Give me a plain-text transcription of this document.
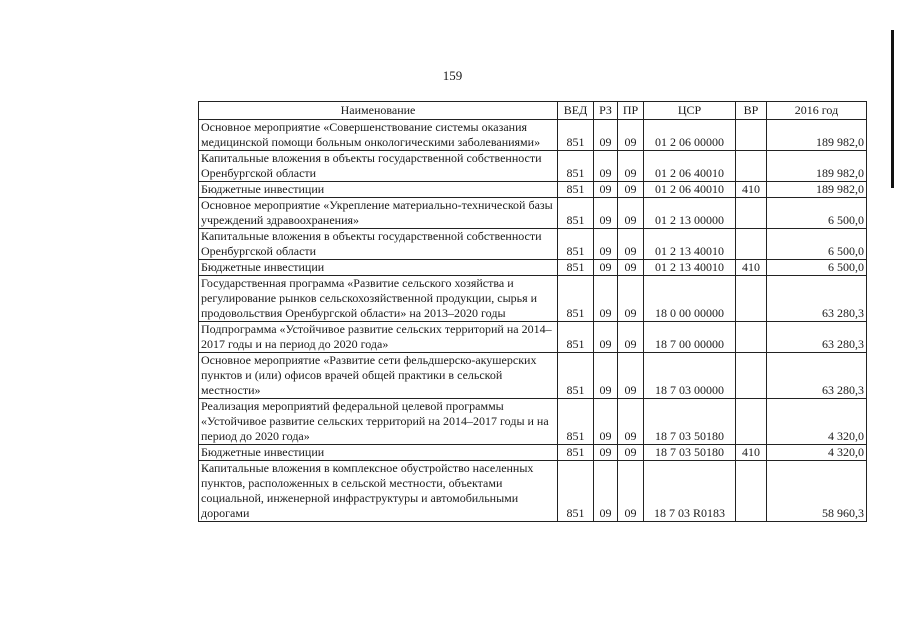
159
Наименование	ВЕД	РЗ	ПР	ЦСР	ВР	2016 год
Основное мероприятие «Совершенствование системы оказания медицинской помощи больным онкологическими заболеваниями»	851	09	09	01 2 06 00000		189 982,0
Капитальные вложения в объекты государственной собственности Оренбургской области	851	09	09	01 2 06 40010		189 982,0
Бюджетные инвестиции	851	09	09	01 2 06 40010	410	189 982,0
Основное мероприятие «Укрепление материально-технической базы учреждений здравоохранения»	851	09	09	01 2 13 00000		6 500,0
Капитальные вложения в объекты государственной собственности Оренбургской области	851	09	09	01 2 13 40010		6 500,0
Бюджетные инвестиции	851	09	09	01 2 13 40010	410	6 500,0
Государственная программа «Развитие сельского хозяйства и регулирование рынков сельскохозяйственной продукции, сырья и продовольствия Оренбургской области» на 2013–2020 годы	851	09	09	18 0 00 00000		63 280,3
Подпрограмма «Устойчивое развитие сельских территорий на 2014–2017 годы и на период до 2020 года»	851	09	09	18 7 00 00000		63 280,3
Основное мероприятие «Развитие сети фельдшерско-акушерских пунктов и (или) офисов врачей общей практики в сельской местности»	851	09	09	18 7 03 00000		63 280,3
Реализация мероприятий федеральной целевой программы «Устойчивое развитие сельских территорий на 2014–2017 годы и на период до 2020 года»	851	09	09	18 7 03 50180		4 320,0
Бюджетные инвестиции	851	09	09	18 7 03 50180	410	4 320,0
Капитальные вложения в комплексное обустройство населенных пунктов, расположенных в сельской местности, объектами социальной, инженерной инфраструктуры и автомобильными дорогами	851	09	09	18 7 03 R0183		58 960,3
